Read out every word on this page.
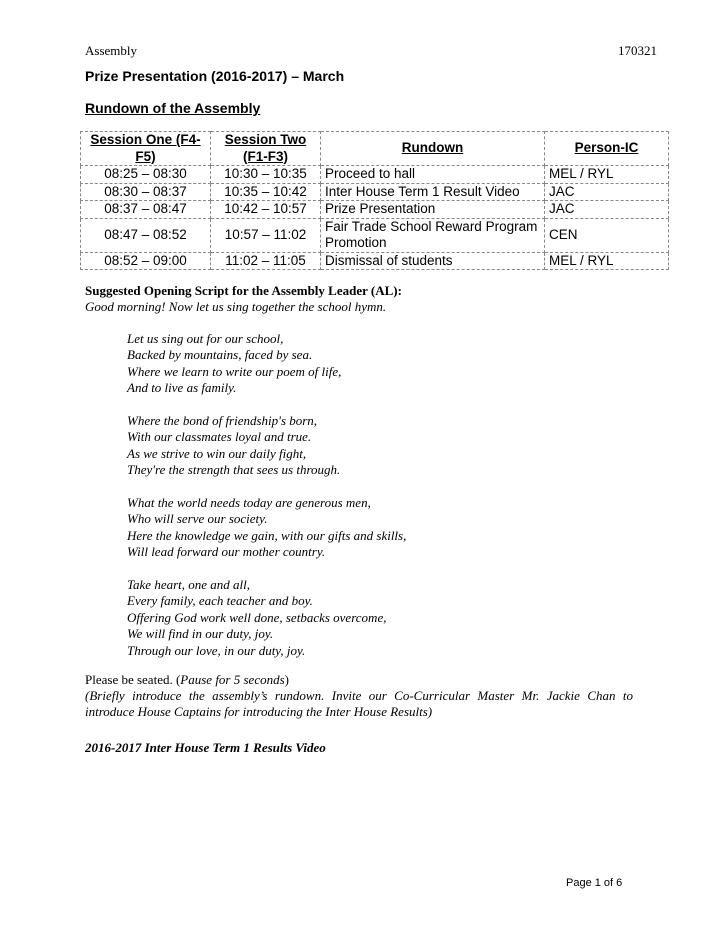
Assembly	170321
Prize Presentation (2016-2017) – March
Rundown of the Assembly
Session One (F4-F5)	Session Two (F1-F3)	Rundown	Person-IC
08:25 – 08:30	10:30 – 10:35	Proceed to hall	MEL / RYL
08:30 – 08:37	10:35 – 10:42	Inter House Term 1 Result Video	JAC
08:37 – 08:47	10:42 – 10:57	Prize Presentation	JAC
08:47 – 08:52	10:57 – 11:02	Fair Trade School Reward Program Promotion	CEN
08:52 – 09:00	11:02 – 11:05	Dismissal of students	MEL / RYL
Suggested Opening Script for the Assembly Leader (AL):
Good morning! Now let us sing together the school hymn.
Let us sing out for our school,
Backed by mountains, faced by sea.
Where we learn to write our poem of life,
And to live as family.
Where the bond of friendship's born,
With our classmates loyal and true.
As we strive to win our daily fight,
They're the strength that sees us through.
What the world needs today are generous men,
Who will serve our society.
Here the knowledge we gain, with our gifts and skills,
Will lead forward our mother country.
Take heart, one and all,
Every family, each teacher and boy.
Offering God work well done, setbacks overcome,
We will find in our duty, joy.
Through our love, in our duty, joy.
Please be seated. (Pause for 5 seconds)
(Briefly introduce the assembly’s rundown. Invite our Co-Curricular Master Mr. Jackie Chan to introduce House Captains for introducing the Inter House Results)
2016-2017 Inter House Term 1 Results Video
Page 1 of 6
